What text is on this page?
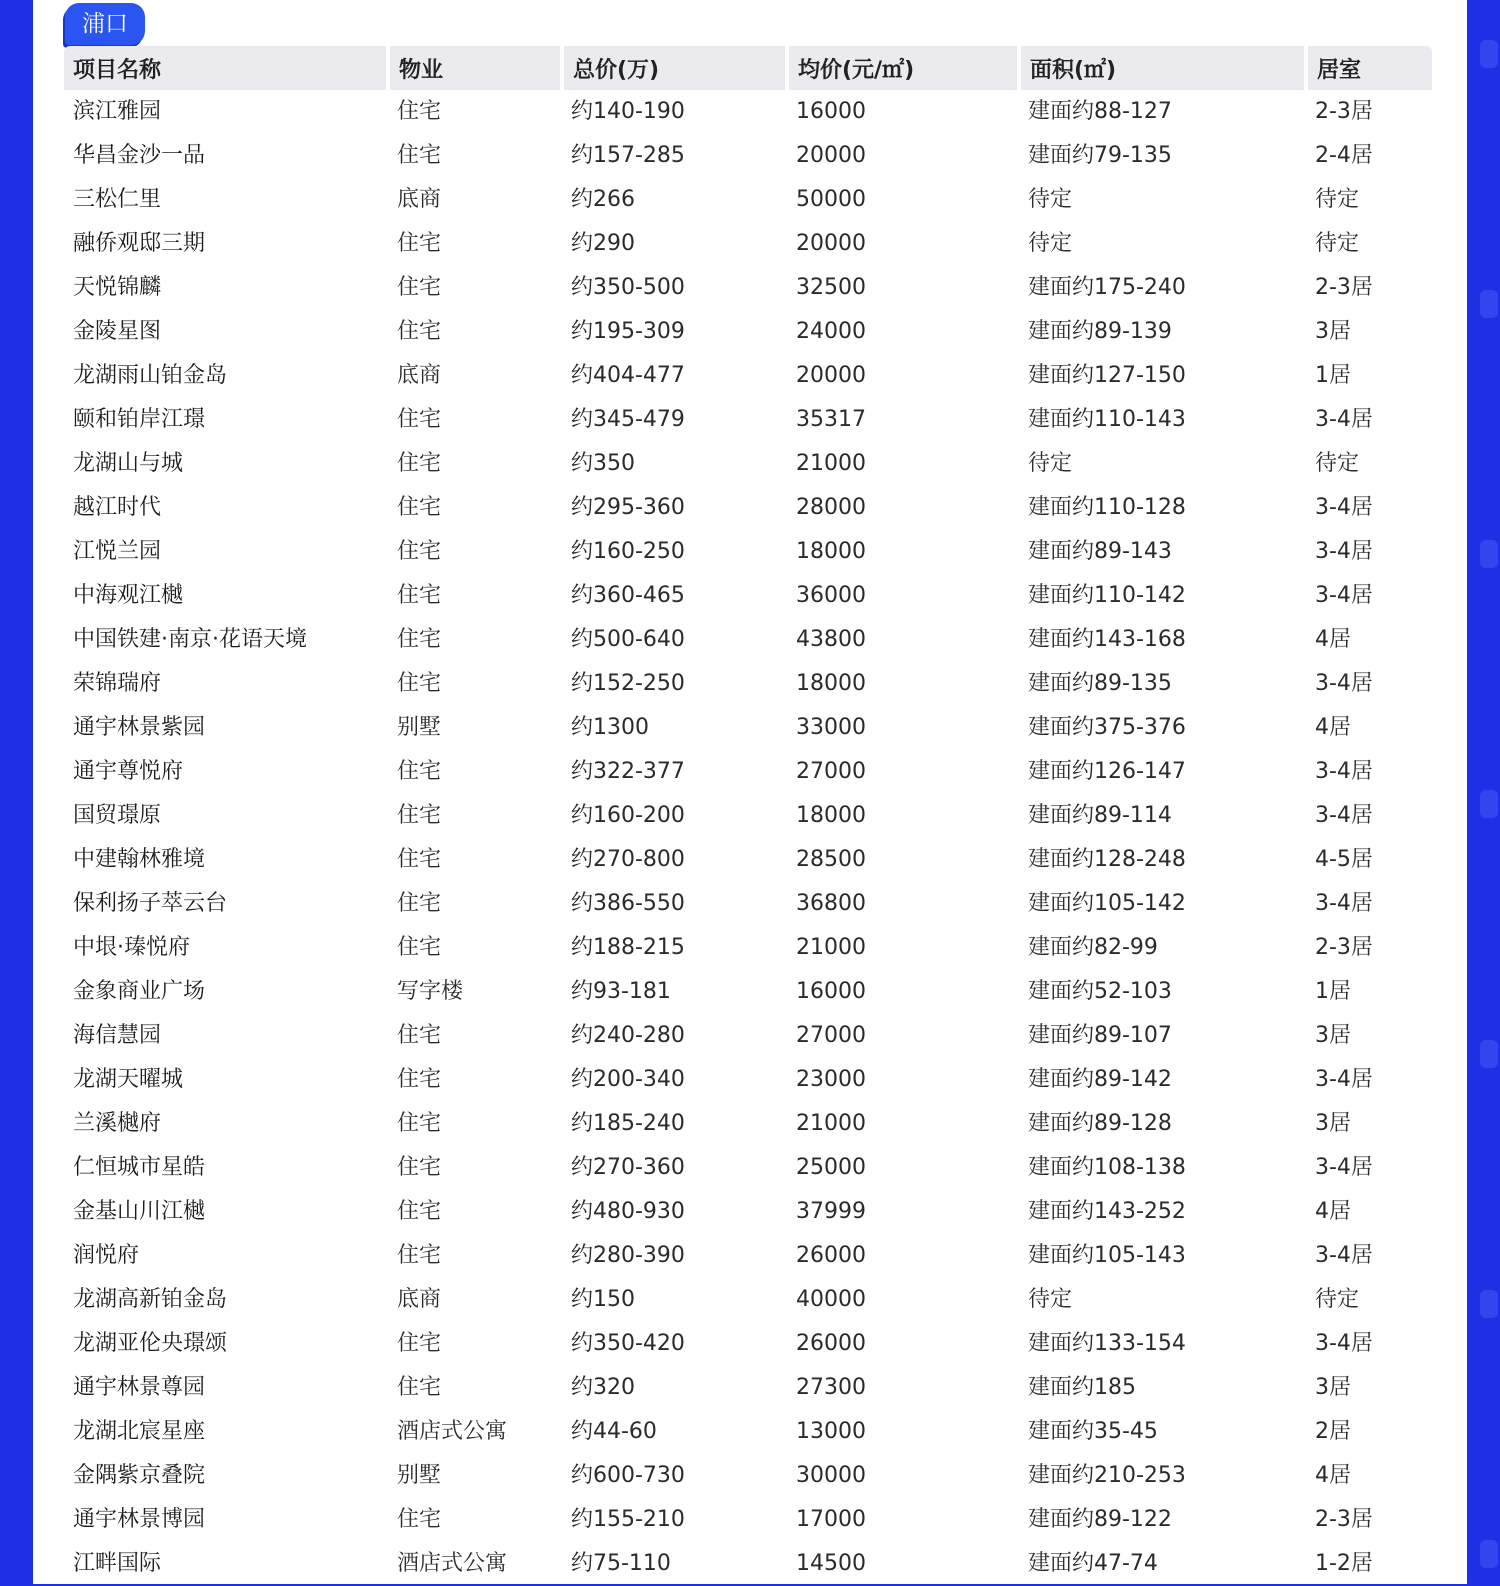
浦口
项目名称	物业	总价(万)	均价(元/㎡)	面积(㎡)	居室
滨江雅园	住宅	约140-190	16000	建面约88-127	2-3居
华昌金沙一品	住宅	约157-285	20000	建面约79-135	2-4居
三松仁里	底商	约266	50000	待定	待定
融侨观邸三期	住宅	约290	20000	待定	待定
天悦锦麟	住宅	约350-500	32500	建面约175-240	2-3居
金陵星图	住宅	约195-309	24000	建面约89-139	3居
龙湖雨山铂金岛	底商	约404-477	20000	建面约127-150	1居
颐和铂岸江璟	住宅	约345-479	35317	建面约110-143	3-4居
龙湖山与城	住宅	约350	21000	待定	待定
越江时代	住宅	约295-360	28000	建面约110-128	3-4居
江悦兰园	住宅	约160-250	18000	建面约89-143	3-4居
中海观江樾	住宅	约360-465	36000	建面约110-142	3-4居
中国铁建·南京·花语天境	住宅	约500-640	43800	建面约143-168	4居
荣锦瑞府	住宅	约152-250	18000	建面约89-135	3-4居
通宇林景紫园	别墅	约1300	33000	建面约375-376	4居
通宇尊悦府	住宅	约322-377	27000	建面约126-147	3-4居
国贸璟原	住宅	约160-200	18000	建面约89-114	3-4居
中建翰林雅境	住宅	约270-800	28500	建面约128-248	4-5居
保利扬子萃云台	住宅	约386-550	36800	建面约105-142	3-4居
中垠·瑧悦府	住宅	约188-215	21000	建面约82-99	2-3居
金象商业广场	写字楼	约93-181	16000	建面约52-103	1居
海信慧园	住宅	约240-280	27000	建面约89-107	3居
龙湖天曜城	住宅	约200-340	23000	建面约89-142	3-4居
兰溪樾府	住宅	约185-240	21000	建面约89-128	3居
仁恒城市星皓	住宅	约270-360	25000	建面约108-138	3-4居
金基山川江樾	住宅	约480-930	37999	建面约143-252	4居
润悦府	住宅	约280-390	26000	建面约105-143	3-4居
龙湖高新铂金岛	底商	约150	40000	待定	待定
龙湖亚伦央璟颂	住宅	约350-420	26000	建面约133-154	3-4居
通宇林景尊园	住宅	约320	27300	建面约185	3居
龙湖北宸星座	酒店式公寓	约44-60	13000	建面约35-45	2居
金隅紫京叠院	别墅	约600-730	30000	建面约210-253	4居
通宇林景博园	住宅	约155-210	17000	建面约89-122	2-3居
江畔国际	酒店式公寓	约75-110	14500	建面约47-74	1-2居
